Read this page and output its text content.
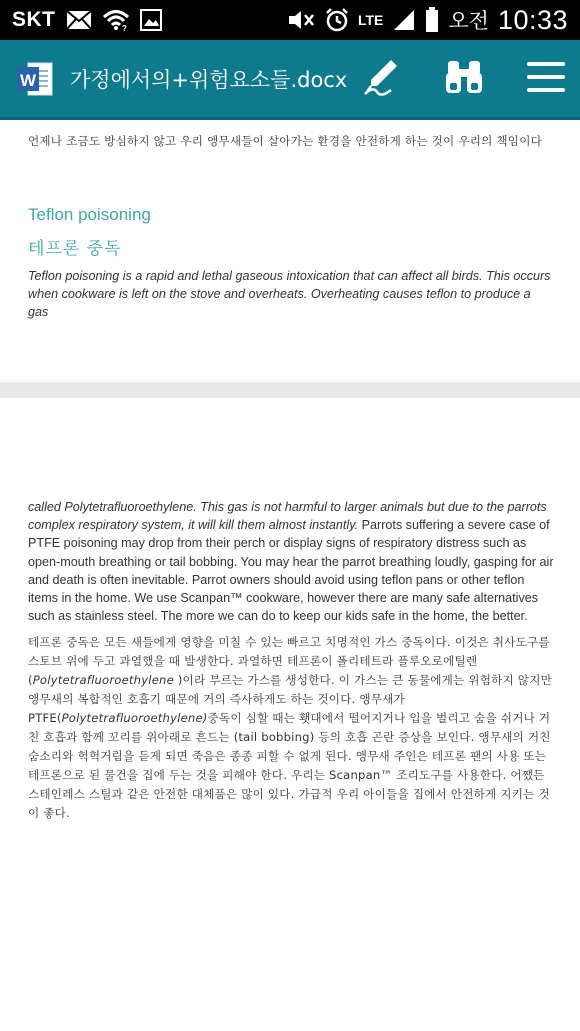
SKT	?
LTE	오전 10:33
W 가정에서의+위험요소들.docx

언제나 조금도 방심하지 않고 우리 앵무새들이 살아가는 환경을 안전하게 하는 것이 우리의 책임이다

Teflon poisoning
테프론 중독

Teflon poisoning is a rapid and lethal gaseous intoxication that can affect all birds. This occurs when cookware is left on the stove and overheats. Overheating causes teflon to produce a gas

called Polytetrafluoroethylene. This gas is not harmful to larger animals but due to the parrots complex respiratory system, it will kill them almost instantly. Parrots suffering a severe case of PTFE poisoning may drop from their perch or display signs of respiratory distress such as open-mouth breathing or tail bobbing. You may hear the parrot breathing loudly, gasping for air and death is often inevitable. Parrot owners should avoid using teflon pans or other teflon items in the home. We use Scanpan™ cookware, however there are many safe alternatives such as stainless steel. The more we can do to keep our kids safe in the home, the better.

테프론 중독은 모든 새들에게 영향을 미칠 수 있는 빠르고 치명적인 가스 중독이다. 이것은 취사도구를 스토브 위에 두고 과열했을 때 발생한다. 과열하면 테프론이 폴리테트라 플루오로에틸렌(Polytetrafluoroethylene )이라 부르는 가스를 생성한다. 이 가스는 큰 동물에게는 위험하지 않지만 앵무새의 복합적인 호흡기 때문에 거의 즉사하게도 하는 것이다. 앵무새가 PTFE(Polytetrafluoroethylene)중독이 심할 때는 횃대에서 떨어지거나 입을 벌리고 숨을 쉬거나 거친 호흡과 함께 꼬리를 위아래로 흔드는 (tail bobbing) 등의 호흡 곤란 증상을 보인다. 앵무새의 거친 숨소리와 헉헉거림을 듣게 되면 죽음은 종종 피할 수 없게 된다. 앵무새 주인은 테프론 팬의 사용 또는 테프론으로 된 물건을 집에 두는 것을 피해야 한다. 우리는 Scanpan™ 조리도구를 사용한다. 어쨌든 스테인레스 스틸과 같은 안전한 대체품은 많이 있다. 가급적 우리 아이들을 집에서 안전하게 지키는 것이 좋다.
